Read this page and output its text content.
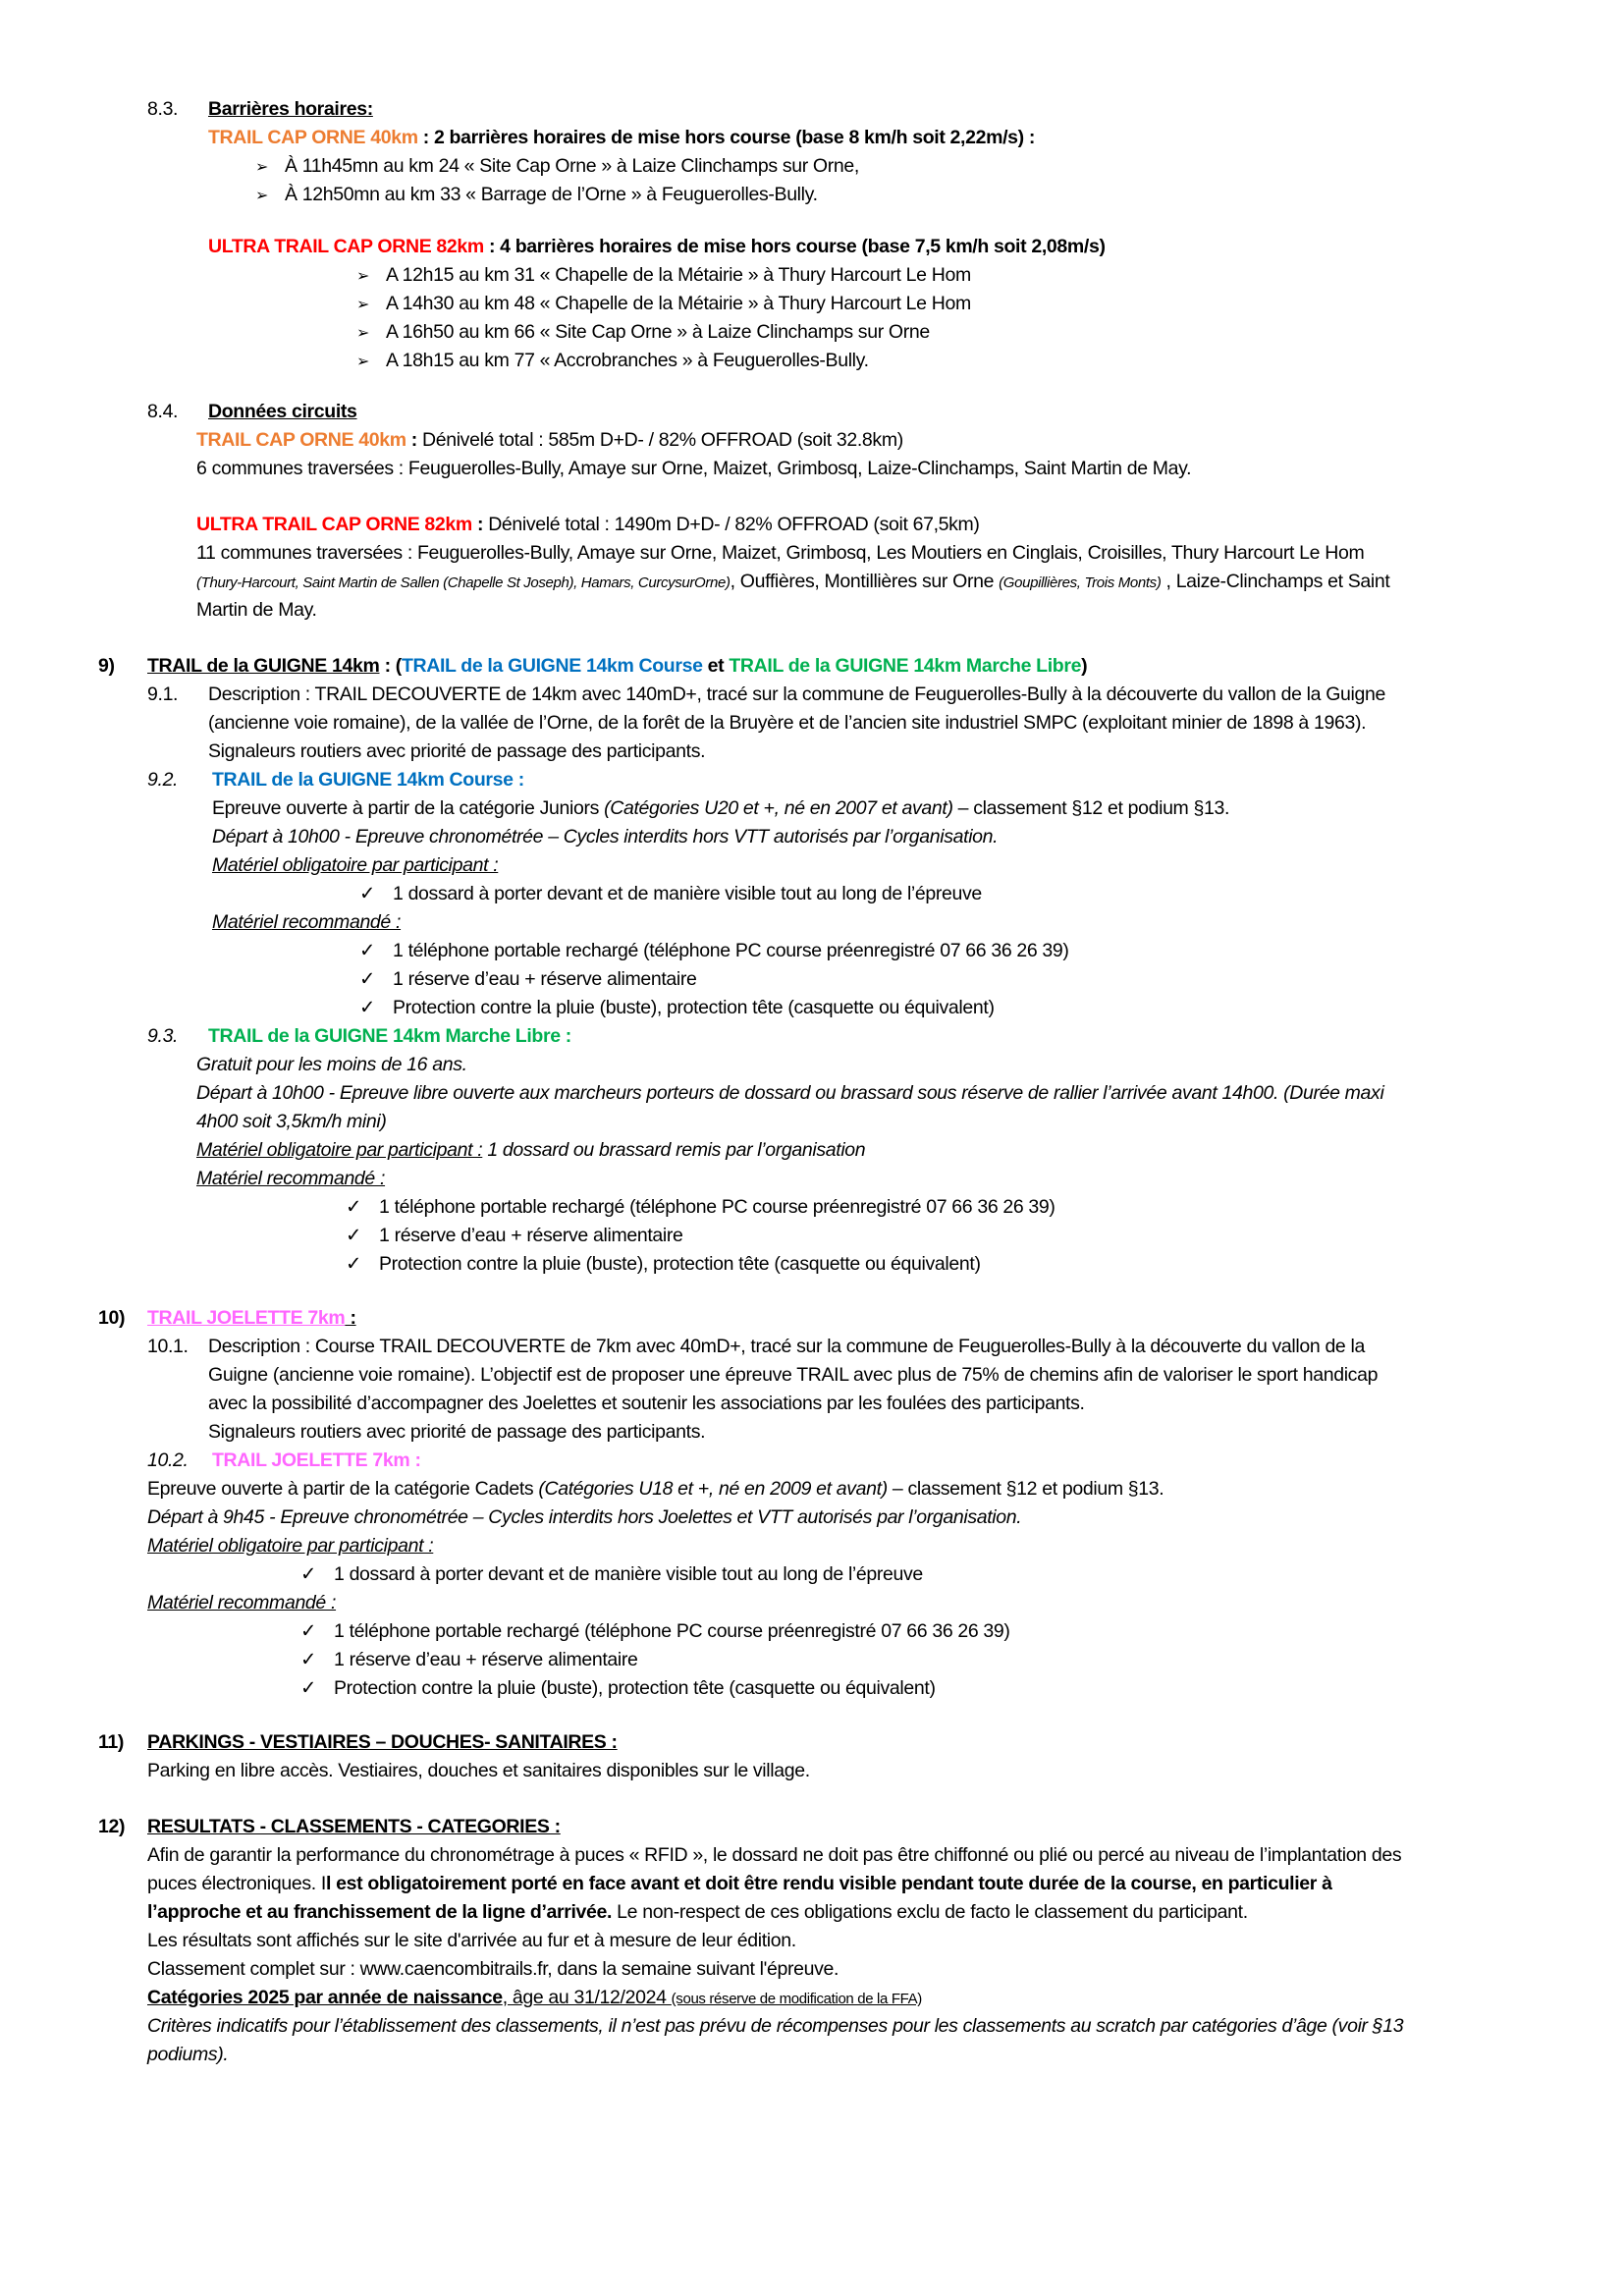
8.3. Barrières horaires:
TRAIL CAP ORNE 40km : 2 barrières horaires de mise hors course (base 8 km/h soit 2,22m/s) :
➢ À 11h45mn au km 24 « Site Cap Orne » à Laize Clinchamps sur Orne,
➢ À 12h50mn au km 33 « Barrage de l’Orne » à Feuguerolles-Bully.
ULTRA TRAIL CAP ORNE 82km : 4 barrières horaires de mise hors course (base 7,5 km/h soit 2,08m/s)
➢ A 12h15 au km 31 « Chapelle de la Métairie » à Thury Harcourt Le Hom
➢ A 14h30 au km 48 « Chapelle de la Métairie » à Thury Harcourt Le Hom
➢ A 16h50 au km 66 « Site Cap Orne » à Laize Clinchamps sur Orne
➢ A 18h15 au km 77 « Accrobranches » à Feuguerolles-Bully.
8.4. Données circuits
TRAIL CAP ORNE 40km : Dénivelé total : 585m D+D- / 82% OFFROAD (soit 32.8km)
6 communes traversées : Feuguerolles-Bully, Amaye sur Orne, Maizet, Grimbosq, Laize-Clinchamps, Saint Martin de May.
ULTRA TRAIL CAP ORNE 82km : Dénivelé total : 1490m D+D- / 82% OFFROAD (soit 67,5km)
11 communes traversées : Feuguerolles-Bully, Amaye sur Orne, Maizet, Grimbosq, Les Moutiers en Cinglais, Croisilles, Thury Harcourt Le Hom
(Thury-Harcourt, Saint Martin de Sallen (Chapelle St Joseph), Hamars, CurcysurOrne), Ouffières, Montillières sur Orne (Goupillières, Trois Monts) , Laize-Clinchamps et Saint
Martin de May.
9) TRAIL de la GUIGNE 14km : (TRAIL de la GUIGNE 14km Course et TRAIL de la GUIGNE 14km Marche Libre)
9.1. Description : TRAIL DECOUVERTE de 14km avec 140mD+, tracé sur la commune de Feuguerolles-Bully à la découverte du vallon de la Guigne
(ancienne voie romaine), de la vallée de l’Orne, de la forêt de la Bruyère et de l’ancien site industriel SMPC (exploitant minier de 1898 à 1963).
Signaleurs routiers avec priorité de passage des participants.
9.2. TRAIL de la GUIGNE 14km Course :
Epreuve ouverte à partir de la catégorie Juniors (Catégories U20 et +, né en 2007 et avant) – classement §12 et podium §13.
Départ à 10h00 - Epreuve chronométrée – Cycles interdits hors VTT autorisés par l’organisation.
Matériel obligatoire par participant :
✓ 1 dossard à porter devant et de manière visible tout au long de l’épreuve
Matériel recommandé :
✓ 1 téléphone portable rechargé (téléphone PC course préenregistré 07 66 36 26 39)
✓ 1 réserve d’eau + réserve alimentaire
✓ Protection contre la pluie (buste), protection tête (casquette ou équivalent)
9.3. TRAIL de la GUIGNE 14km Marche Libre :
Gratuit pour les moins de 16 ans.
Départ à 10h00 - Epreuve libre ouverte aux marcheurs porteurs de dossard ou brassard sous réserve de rallier l’arrivée avant 14h00. (Durée maxi
4h00 soit 3,5km/h mini)
Matériel obligatoire par participant : 1 dossard ou brassard remis par l’organisation
Matériel recommandé :
✓ 1 téléphone portable rechargé (téléphone PC course préenregistré 07 66 36 26 39)
✓ 1 réserve d’eau + réserve alimentaire
✓ Protection contre la pluie (buste), protection tête (casquette ou équivalent)
10) TRAIL JOELETTE 7km :
10.1. Description : Course TRAIL DECOUVERTE de 7km avec 40mD+, tracé sur la commune de Feuguerolles-Bully à la découverte du vallon de la
Guigne (ancienne voie romaine). L’objectif est de proposer une épreuve TRAIL avec plus de 75% de chemins afin de valoriser le sport handicap
avec la possibilité d’accompagner des Joelettes et soutenir les associations par les foulées des participants.
Signaleurs routiers avec priorité de passage des participants.
10.2. TRAIL JOELETTE 7km :
Epreuve ouverte à partir de la catégorie Cadets (Catégories U18 et +, né en 2009 et avant) – classement §12 et podium §13.
Départ à 9h45 - Epreuve chronométrée – Cycles interdits hors Joelettes et VTT autorisés par l’organisation.
Matériel obligatoire par participant :
✓ 1 dossard à porter devant et de manière visible tout au long de l’épreuve
Matériel recommandé :
✓ 1 téléphone portable rechargé (téléphone PC course préenregistré 07 66 36 26 39)
✓ 1 réserve d’eau + réserve alimentaire
✓ Protection contre la pluie (buste), protection tête (casquette ou équivalent)
11) PARKINGS - VESTIAIRES – DOUCHES- SANITAIRES :
Parking en libre accès. Vestiaires, douches et sanitaires disponibles sur le village.
12) RESULTATS - CLASSEMENTS - CATEGORIES :
Afin de garantir la performance du chronométrage à puces « RFID », le dossard ne doit pas être chiffonné ou plié ou percé au niveau de l’implantation des
puces électroniques. Il est obligatoirement porté en face avant et doit être rendu visible pendant toute durée de la course, en particulier à
l’approche et au franchissement de la ligne d’arrivée. Le non-respect de ces obligations exclu de facto le classement du participant.
Les résultats sont affichés sur le site d'arrivée au fur et à mesure de leur édition.
Classement complet sur : www.caencombitrails.fr, dans la semaine suivant l'épreuve.
Catégories 2025 par année de naissance, âge au 31/12/2024 (sous réserve de modification de la FFA)
Critères indicatifs pour l’établissement des classements, il n’est pas prévu de récompenses pour les classements au scratch par catégories d’âge (voir §13
podiums).
